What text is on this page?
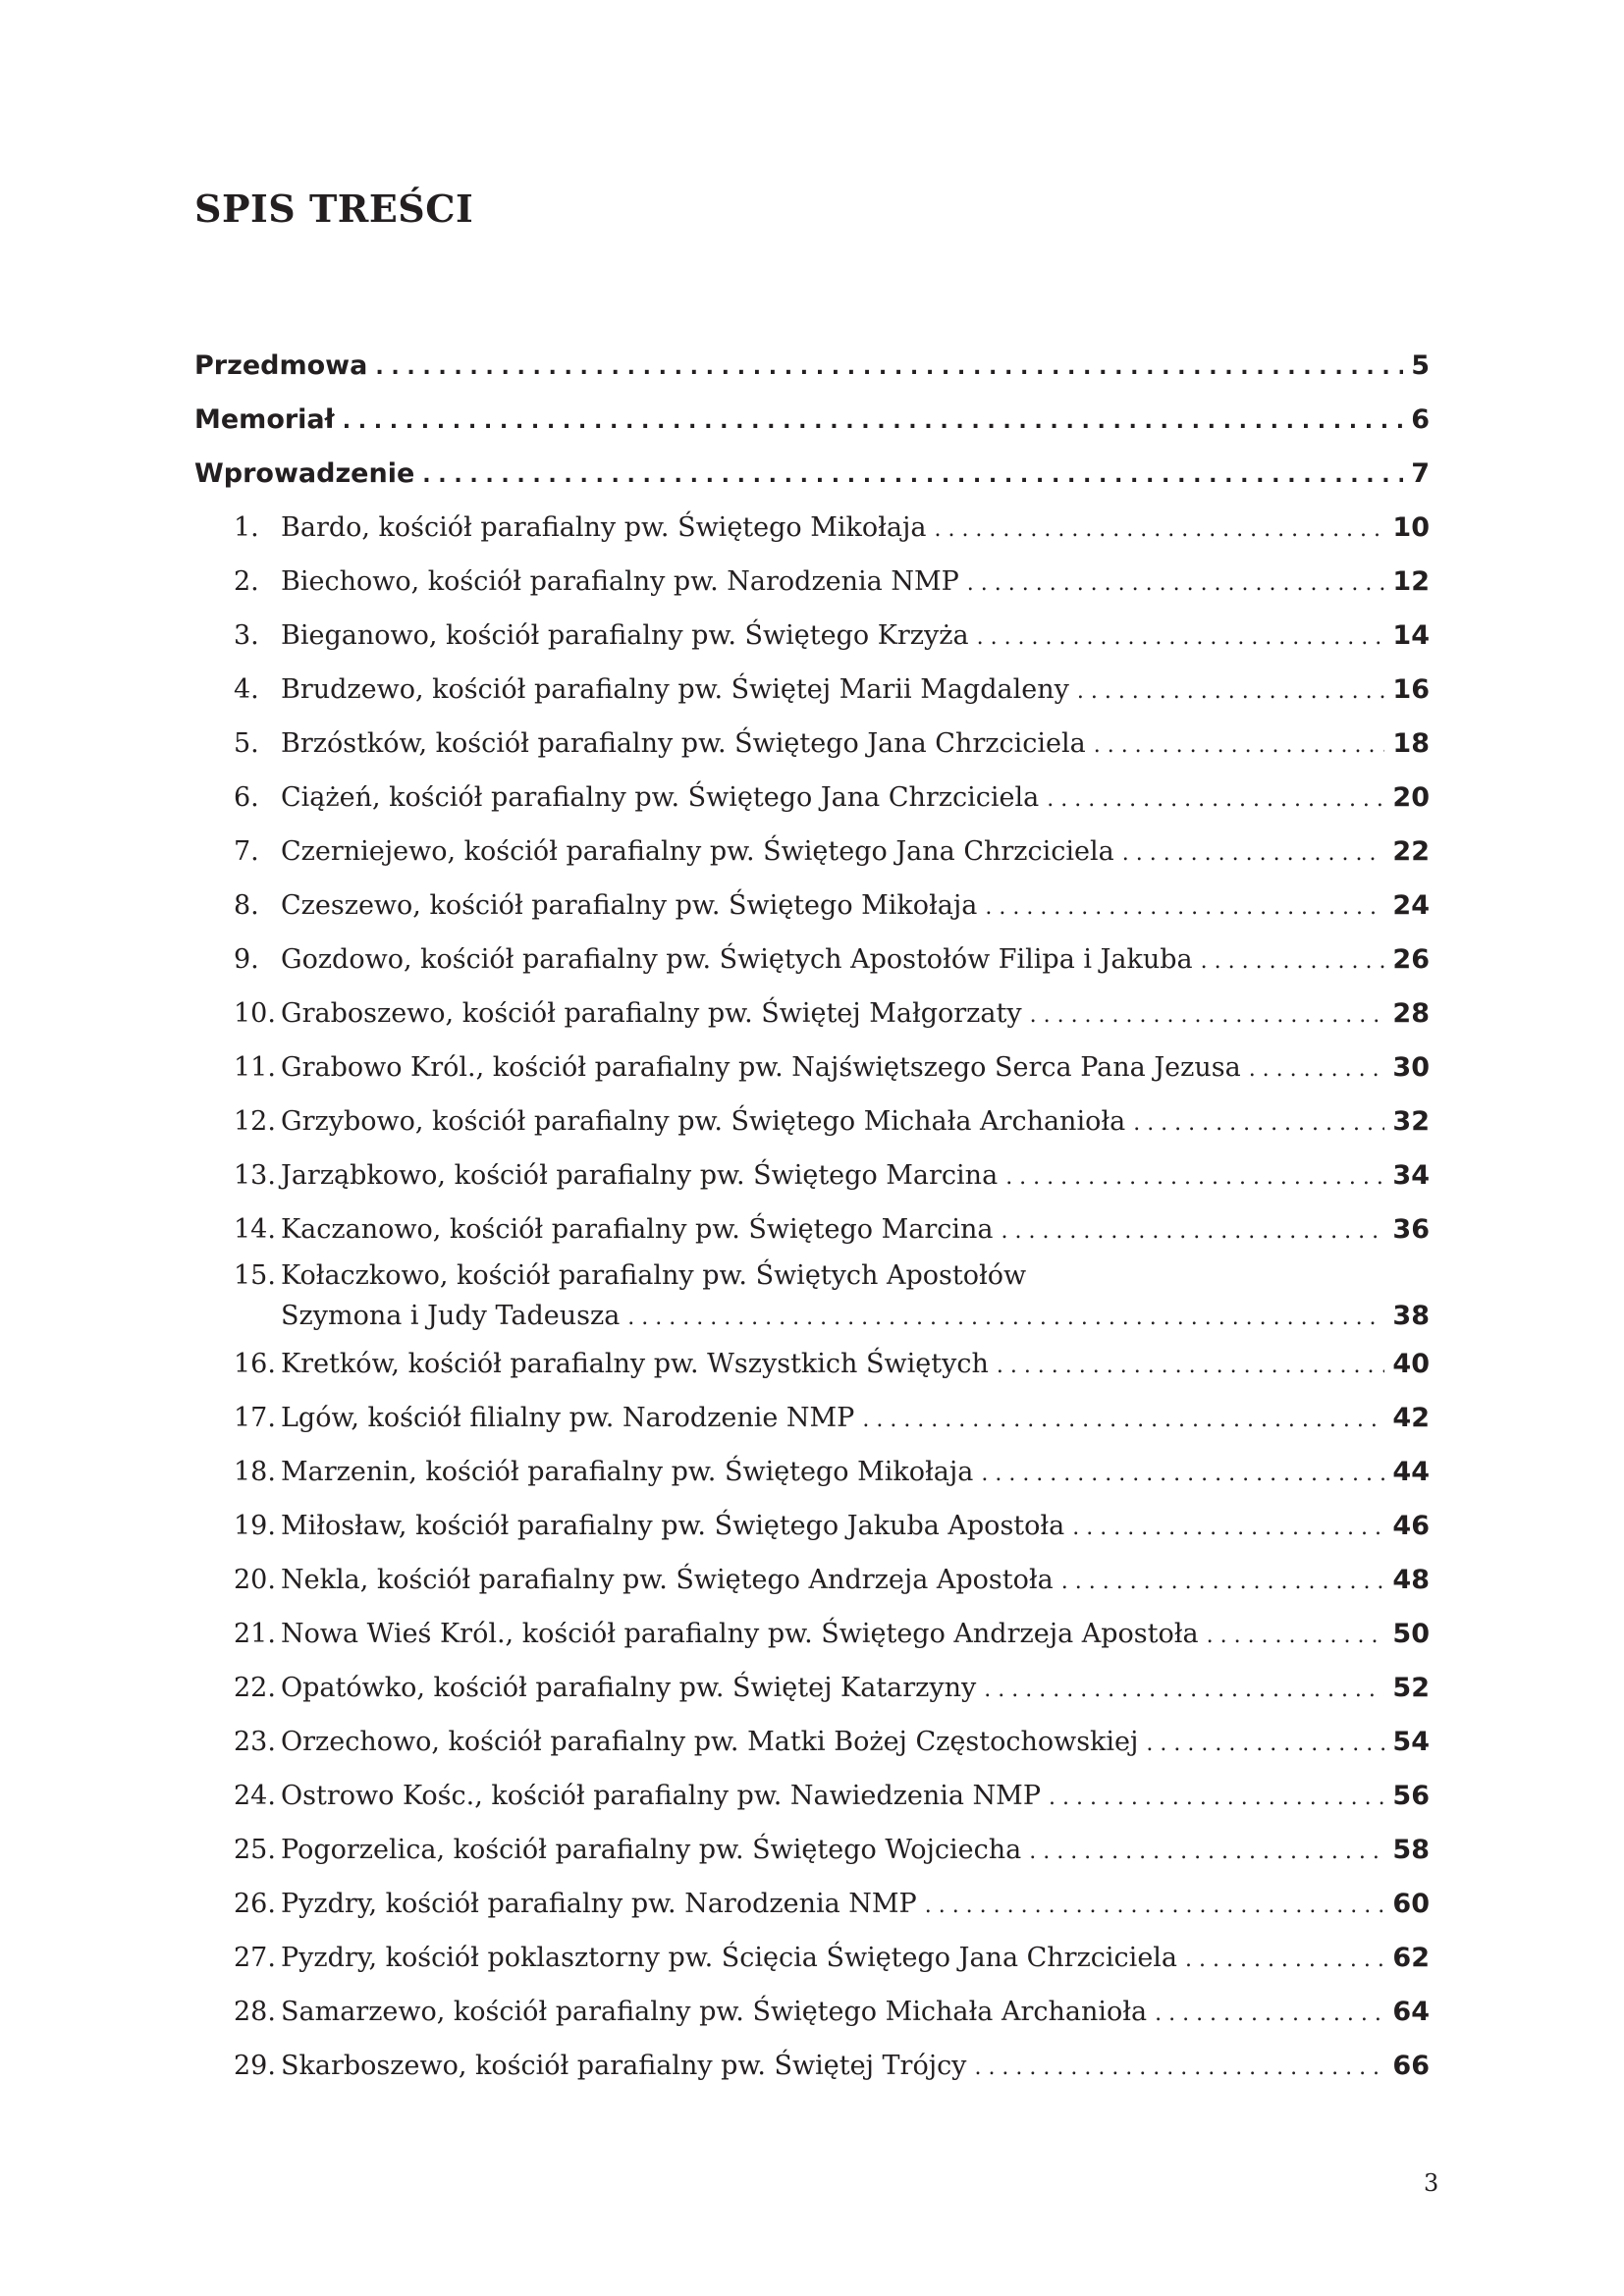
SPIS TREŚCI
Przedmowa . . .	5
Memoriał . . .	6
Wprowadzenie . . .	7
1. Bardo, kościół parafialny pw. Świętego Mikołaja . . .	10
2. Biechowo, kościół parafialny pw. Narodzenia NMP . . .	12
3. Bieganowo, kościół parafialny pw. Świętego Krzyża . . .	14
4. Brudzewo, kościół parafialny pw. Świętej Marii Magdaleny . . .	16
5. Brzóstków, kościół parafialny pw. Świętego Jana Chrzciciela . . .	18
6. Ciążeń, kościół parafialny pw. Świętego Jana Chrzciciela . . .	20
7. Czerniejewo, kościół parafialny pw. Świętego Jana Chrzciciela . . .	22
8. Czeszewo, kościół parafialny pw. Świętego Mikołaja . . .	24
9. Gozdowo, kościół parafialny pw. Świętych Apostołów Filipa i Jakuba . . .	26
10. Graboszewo, kościół parafialny pw. Świętej Małgorzaty . . .	28
11. Grabowo Król., kościół parafialny pw. Najświętszego Serca Pana Jezusa . . .	30
12. Grzybowo, kościół parafialny pw. Świętego Michała Archanioła . . .	32
13. Jarząbkowo, kościół parafialny pw. Świętego Marcina . . .	34
14. Kaczanowo, kościół parafialny pw. Świętego Marcina . . .	36
15. Kołaczkowo, kościół parafialny pw. Świętych Apostołów
Szymona i Judy Tadeusza . . .	38
16. Kretków, kościół parafialny pw. Wszystkich Świętych . . .	40
17. Lgów, kościół filialny pw. Narodzenie NMP . . .	42
18. Marzenin, kościół parafialny pw. Świętego Mikołaja . . .	44
19. Miłosław, kościół parafialny pw. Świętego Jakuba Apostoła . . .	46
20. Nekla, kościół parafialny pw. Świętego Andrzeja Apostoła . . .	48
21. Nowa Wieś Król., kościół parafialny pw. Świętego Andrzeja Apostoła . . .	50
22. Opatówko, kościół parafialny pw. Świętej Katarzyny . . .	52
23. Orzechowo, kościół parafialny pw. Matki Bożej Częstochowskiej . . .	54
24. Ostrowo Kośc., kościół parafialny pw. Nawiedzenia NMP . . .	56
25. Pogorzelica, kościół parafialny pw. Świętego Wojciecha . . .	58
26. Pyzdry, kościół parafialny pw. Narodzenia NMP . . .	60
27. Pyzdry, kościół poklasztorny pw. Ścięcia Świętego Jana Chrzciciela . . .	62
28. Samarzewo, kościół parafialny pw. Świętego Michała Archanioła . . .	64
29. Skarboszewo, kościół parafialny pw. Świętej Trójcy . . .	66
3
